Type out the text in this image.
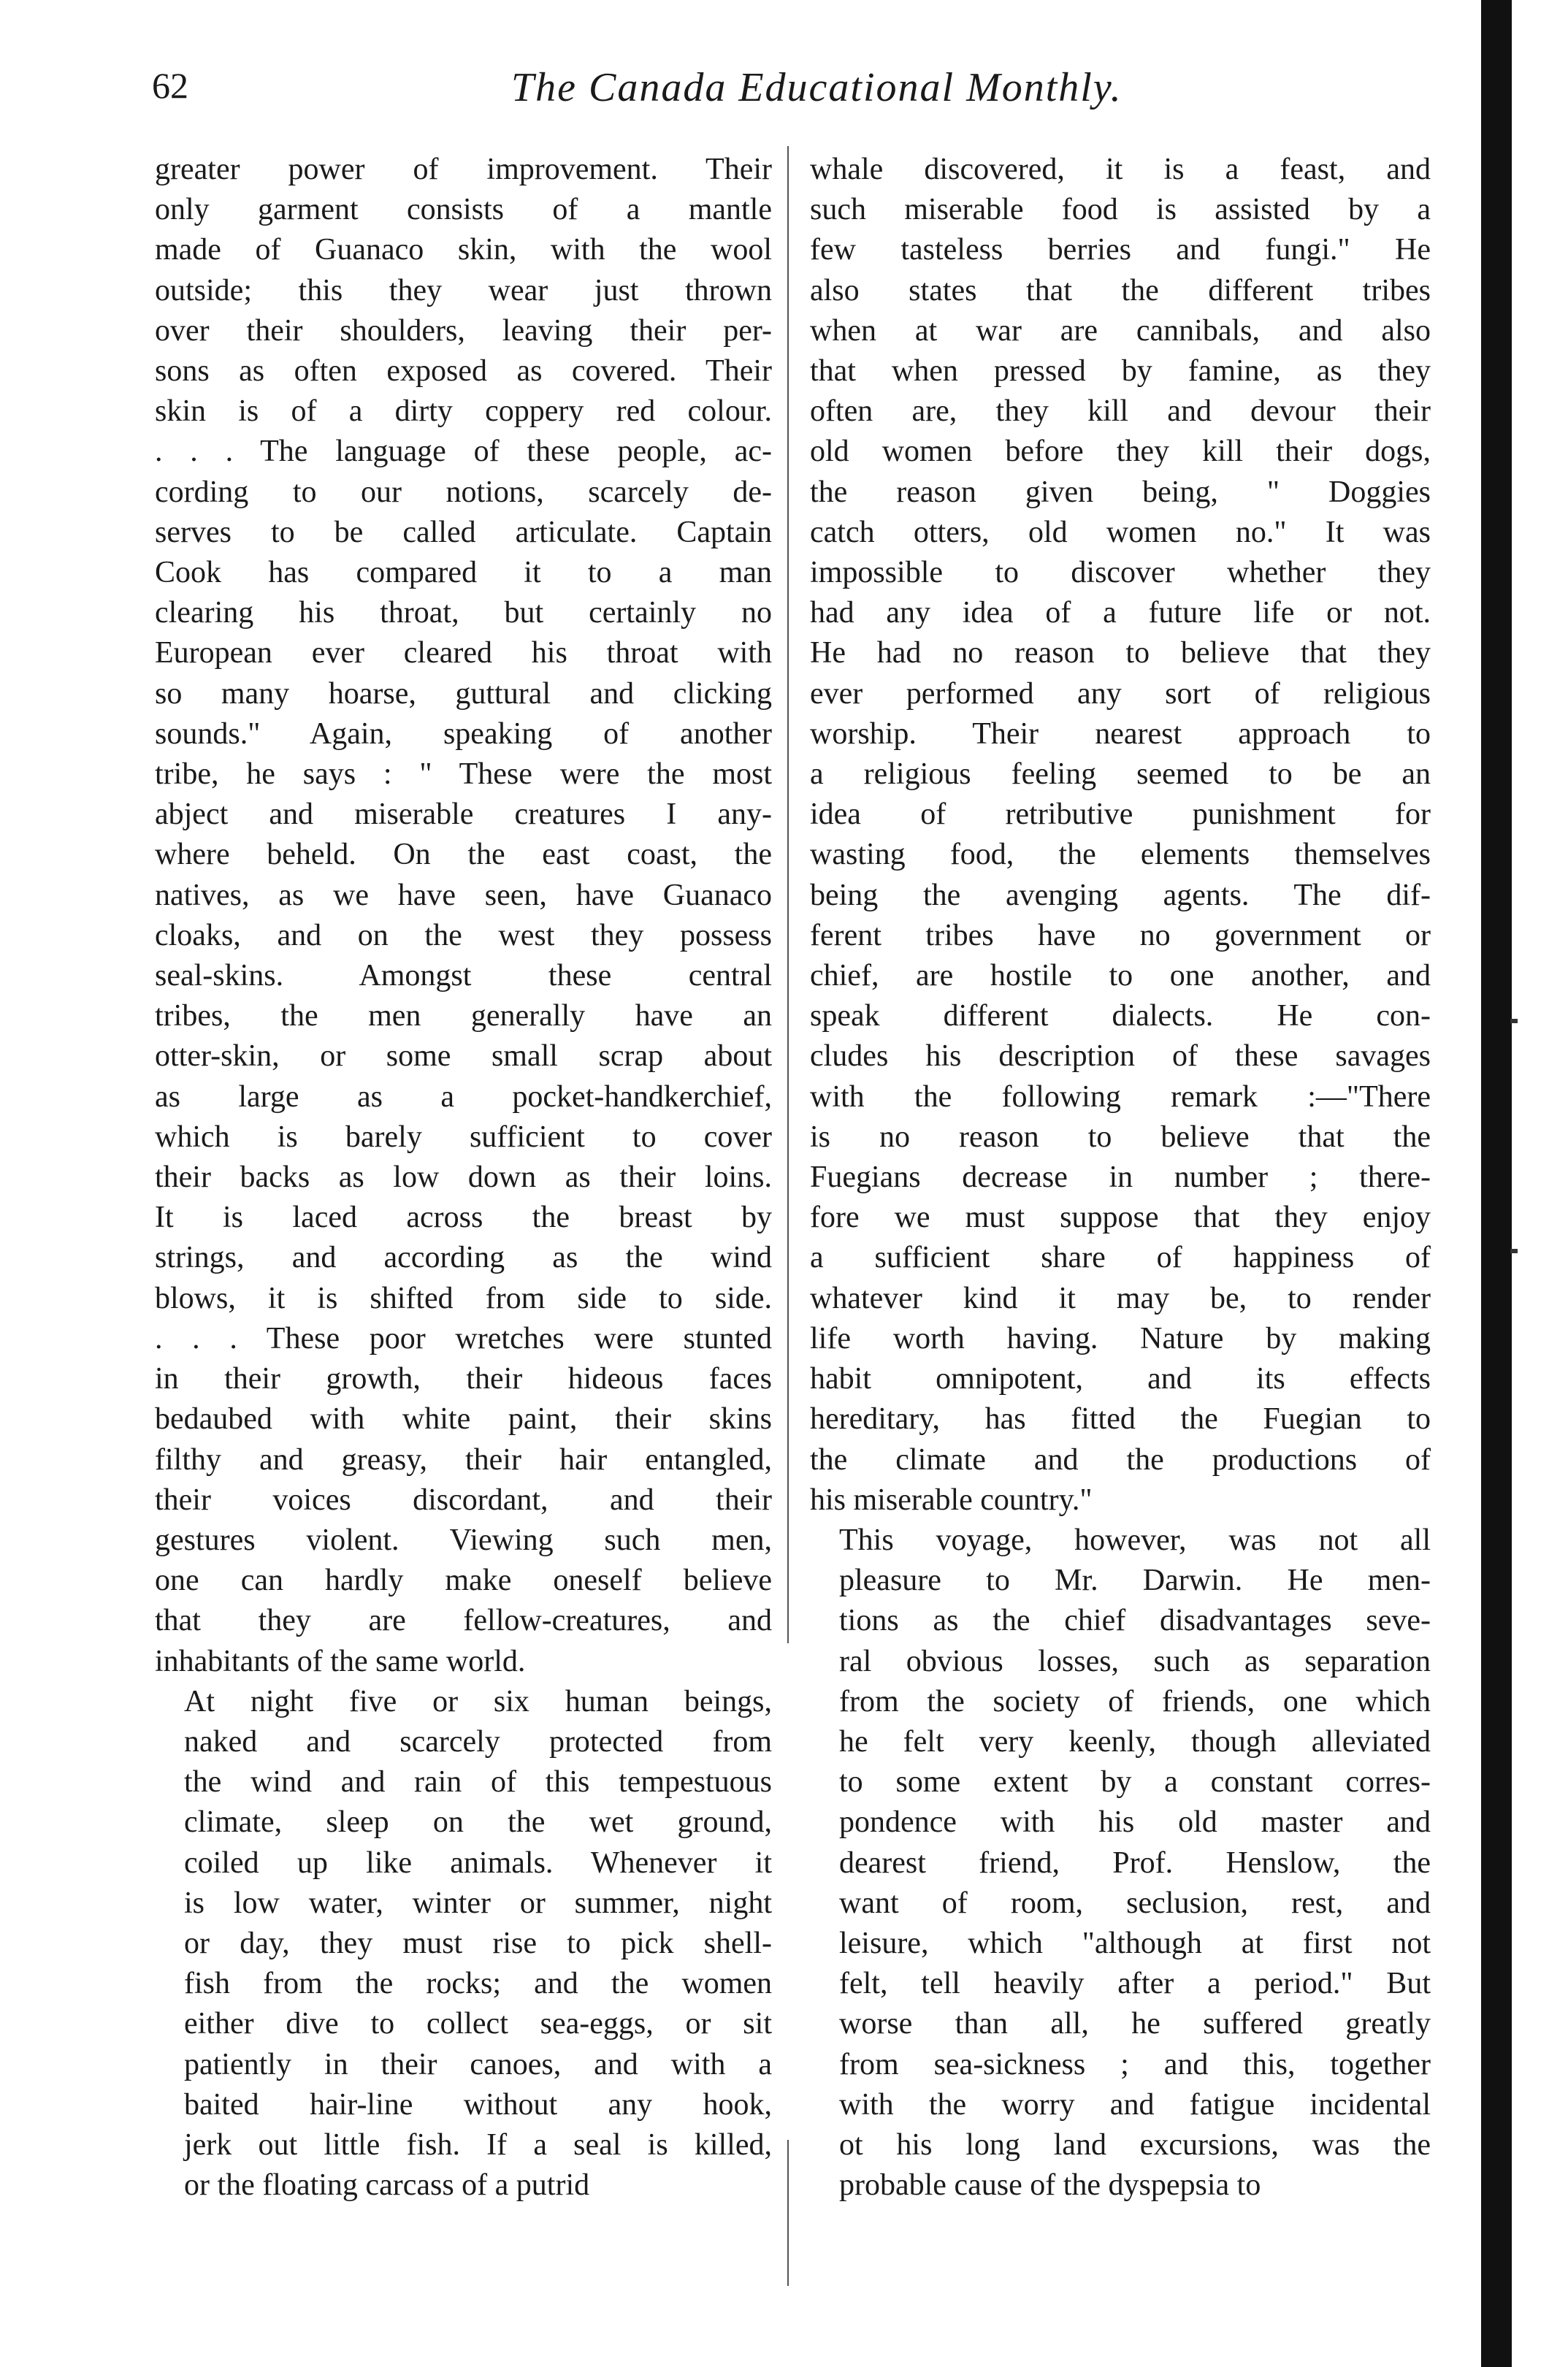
62	The Canada Educational Monthly.

greater power of improvement. Their
only garment consists of a mantle
made of Guanaco skin, with the wool
outside; this they wear just thrown
over their shoulders, leaving their per-
sons as often exposed as covered. Their
skin is of a dirty coppery red colour.
. . . The language of these people, ac-
cording to our notions, scarcely de-
serves to be called articulate. Captain
Cook has compared it to a man
clearing his throat, but certainly no
European ever cleared his throat with
so many hoarse, guttural and clicking
sounds." Again, speaking of another
tribe, he says : " These were the most
abject and miserable creatures I any-
where beheld. On the east coast, the
natives, as we have seen, have Guanaco
cloaks, and on the west they possess
seal-skins. Amongst these central
tribes, the men generally have an
otter-skin, or some small scrap about
as large as a pocket-handkerchief,
which is barely sufficient to cover
their backs as low down as their loins.
It is laced across the breast by
strings, and according as the wind
blows, it is shifted from side to side.
. . . These poor wretches were stunted
in their growth, their hideous faces
bedaubed with white paint, their skins
filthy and greasy, their hair entangled,
their voices discordant, and their
gestures violent. Viewing such men,
one can hardly make oneself believe
that they are fellow-creatures, and
inhabitants of the same world.

At night five or six human beings,
naked and scarcely protected from
the wind and rain of this tempestuous
climate, sleep on the wet ground,
coiled up like animals. Whenever it
is low water, winter or summer, night
or day, they must rise to pick shell-
fish from the rocks; and the women
either dive to collect sea-eggs, or sit
patiently in their canoes, and with a
baited hair-line without any hook,
jerk out little fish. If a seal is killed,
or the floating carcass of a putrid

whale discovered, it is a feast, and
such miserable food is assisted by a
few tasteless berries and fungi." He
also states that the different tribes
when at war are cannibals, and also
that when pressed by famine, as they
often are, they kill and devour their
old women before they kill their dogs,
the reason given being, " Doggies
catch otters, old women no." It was
impossible to discover whether they
had any idea of a future life or not.
He had no reason to believe that they
ever performed any sort of religious
worship. Their nearest approach to
a religious feeling seemed to be an
idea of retributive punishment for
wasting food, the elements themselves
being the avenging agents. The dif-
ferent tribes have no government or
chief, are hostile to one another, and
speak different dialects. He con-
cludes his description of these savages
with the following remark :—"There
is no reason to believe that the
Fuegians decrease in number ; there-
fore we must suppose that they enjoy
a sufficient share of happiness of
whatever kind it may be, to render
life worth having. Nature by making
habit omnipotent, and its effects
hereditary, has fitted the Fuegian to
the climate and the productions of
his miserable country."

This voyage, however, was not all
pleasure to Mr. Darwin. He men-
tions as the chief disadvantages seve-
ral obvious losses, such as separation
from the society of friends, one which
he felt very keenly, though alleviated
to some extent by a constant corres-
pondence with his old master and
dearest friend, Prof. Henslow, the
want of room, seclusion, rest, and
leisure, which "although at first not
felt, tell heavily after a period." But
worse than all, he suffered greatly
from sea-sickness ; and this, together
with the worry and fatigue incidental
ot his long land excursions, was the
probable cause of the dyspepsia to
